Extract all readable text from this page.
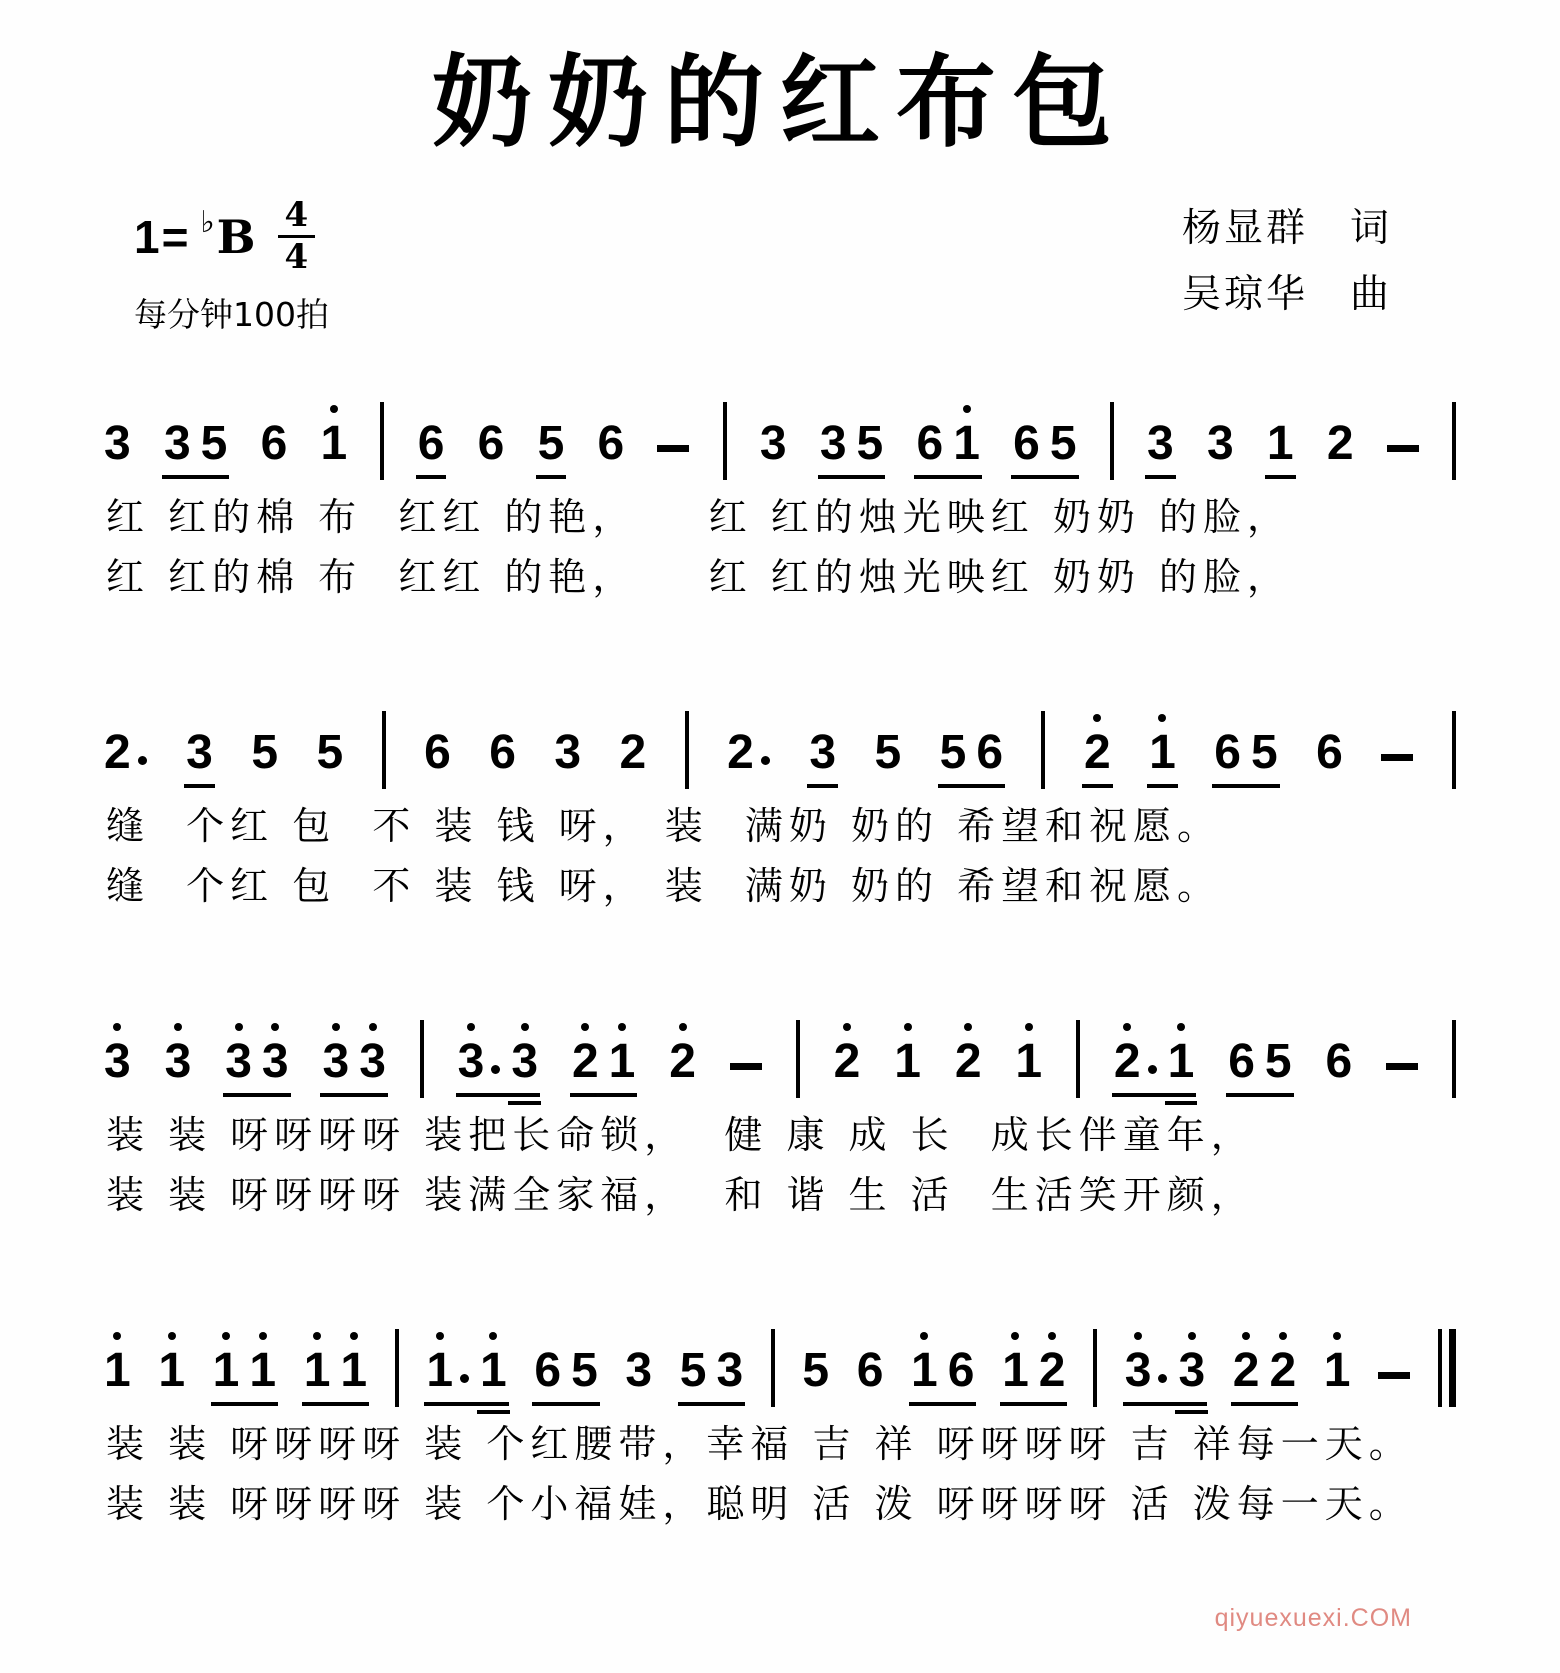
奶奶的红布包
1= ♭ B $\frac{4}{4}$
每分钟100拍
杨显群　词
吴琼华　曲
3 3 5 6 1 6 6 5 6	3 3 5 6 1 6 5 3 3 1 2
红 红的棉 布  红红 的艳，    红 红的烛光映红 奶奶 的脸，
红 红的棉 布  红红 的艳，    红 红的烛光映红 奶奶 的脸，
2 3 5 5 6 6 3 2 2 3 5 5 6 2 1 6 5 6
缝  个红 包  不 装 钱 呀， 装  满奶 奶的 希望和祝愿。
缝  个红 包  不 装 钱 呀， 装  满奶 奶的 希望和祝愿。
3 3 3 3 3 3 3 3 2 1 2	2 1 2 1 2 1 6 5 6
装 装 呀呀呀呀 装把长命锁，  健 康 成 长  成长伴童年，
装 装 呀呀呀呀 装满全家福，  和 谐 生 活  生活笑开颜，
1 1 1 1 1 1 1 1 6 5 3 5 3 5 6 1 6 1 2 3 3 2 2 1
装 装 呀呀呀呀 装 个红腰带，幸福 吉 祥 呀呀呀呀 吉 祥每一天。
装 装 呀呀呀呀 装 个小福娃，聪明 活 泼 呀呀呀呀 活 泼每一天。
qiyuexuexi.COM
